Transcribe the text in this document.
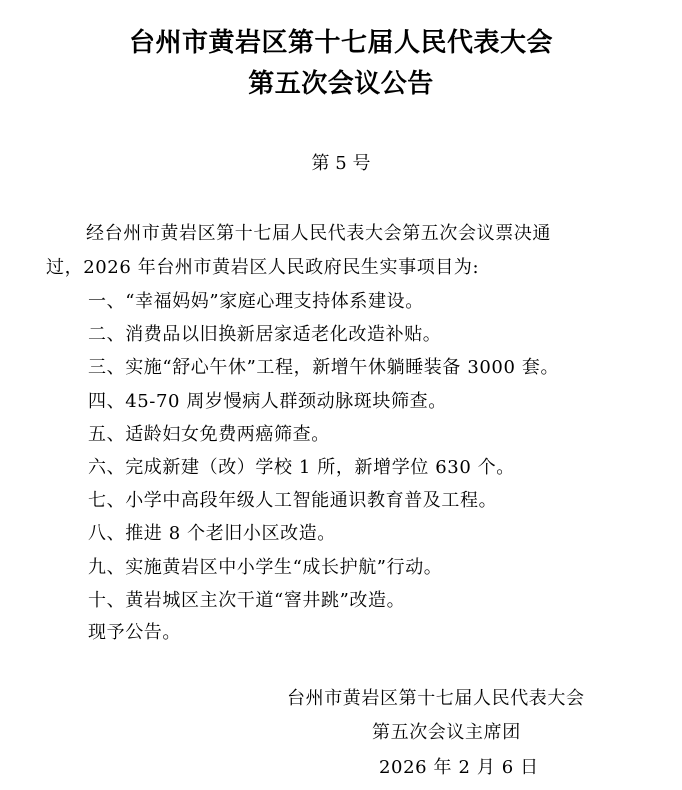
台州市黄岩区第十七届人民代表大会
第五次会议公告
第 5 号
经台州市黄岩区第十七届人民代表大会第五次会议票决通
过，2026 年台州市黄岩区人民政府民生实事项目为:
一、“幸福妈妈”家庭心理支持体系建设。
二、消费品以旧换新居家适老化改造补贴。
三、实施“舒心午休”工程，新增午休躺睡装备 3000 套。
四、45-70 周岁慢病人群颈动脉斑块筛查。
五、适龄妇女免费两癌筛查。
六、完成新建（改）学校 1 所，新增学位 630 个。
七、小学中高段年级人工智能通识教育普及工程。
八、推进 8 个老旧小区改造。
九、实施黄岩区中小学生“成长护航”行动。
十、黄岩城区主次干道“窨井跳”改造。
现予公告。
台州市黄岩区第十七届人民代表大会
第五次会议主席团
2026 年 2 月 6 日
